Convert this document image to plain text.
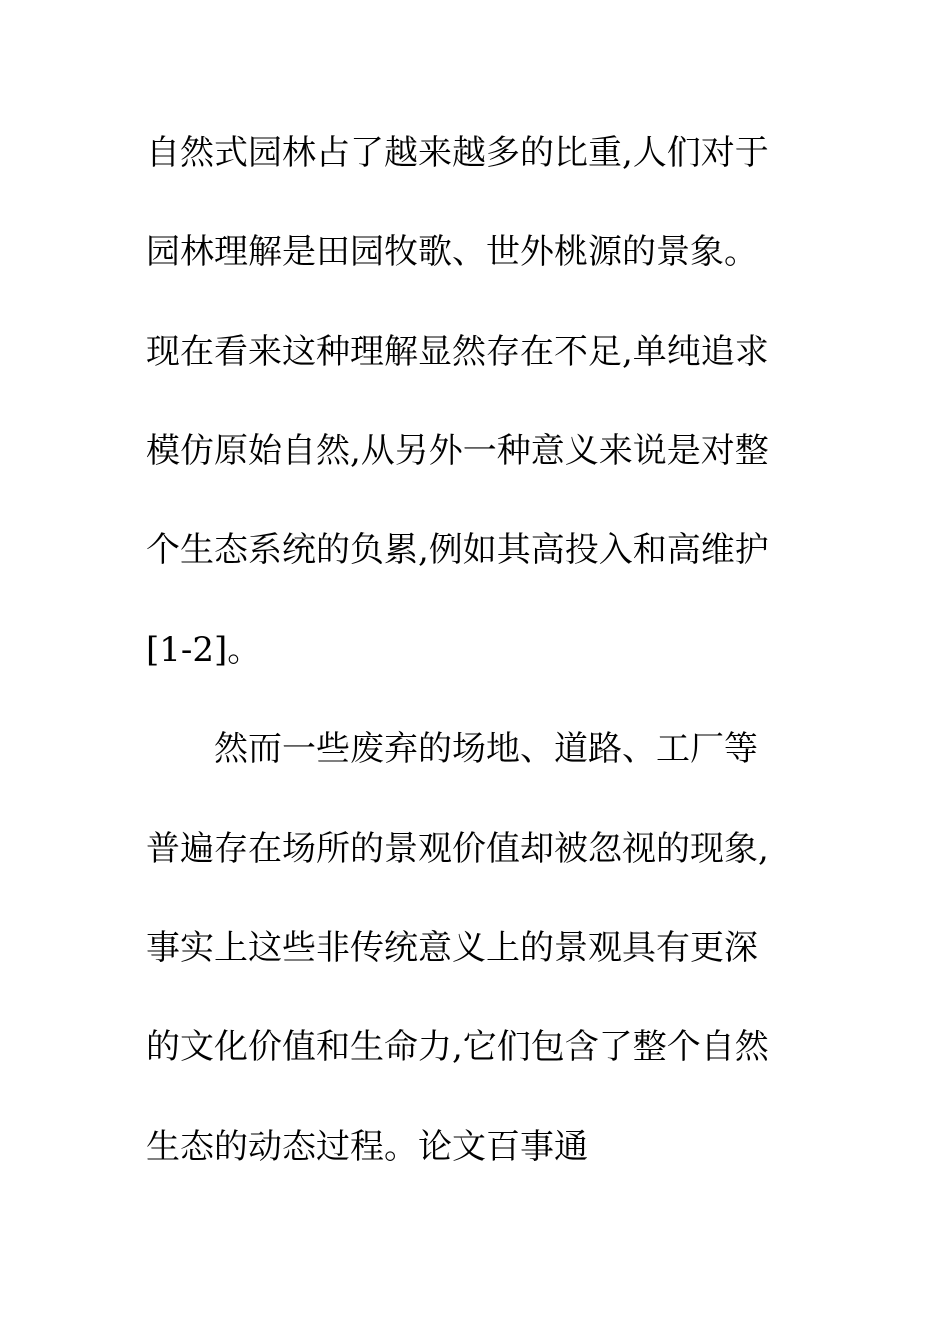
自然式园林占了越来越多的比重,人们对于
园林理解是田园牧歌、世外桃源的景象。
现在看来这种理解显然存在不足,单纯追求
模仿原始自然,从另外一种意义来说是对整
个生态系统的负累,例如其高投入和高维护
[1-2]。
然而一些废弃的场地、道路、工厂等
普遍存在场所的景观价值却被忽视的现象,
事实上这些非传统意义上的景观具有更深
的文化价值和生命力,它们包含了整个自然
生态的动态过程。论文百事通
